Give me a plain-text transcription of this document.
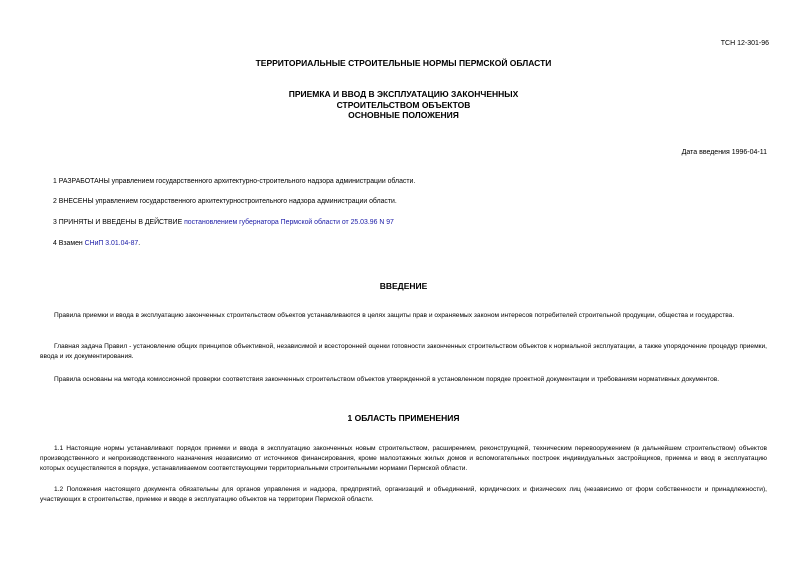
ТСН 12-301-96
ТЕРРИТОРИАЛЬНЫЕ СТРОИТЕЛЬНЫЕ НОРМЫ ПЕРМСКОЙ ОБЛАСТИ
ПРИЕМКА И ВВОД В ЭКСПЛУАТАЦИЮ ЗАКОНЧЕННЫХ
СТРОИТЕЛЬСТВОМ ОБЪЕКТОВ
ОСНОВНЫЕ ПОЛОЖЕНИЯ
Дата введения 1996-04-11
1 РАЗРАБОТАНЫ управлением государственного архитектурно-строительного надзора администрации области.
2 ВНЕСЕНЫ управлением государственного архитектурностроительного надзора администрации области.
3 ПРИНЯТЫ И ВВЕДЕНЫ В ДЕЙСТВИЕ постановлением губернатора Пермской области от 25.03.96 N 97
4 Взамен СНиП 3.01.04-87.
ВВЕДЕНИЕ
Правила приемки и ввода в эксплуатацию законченных строительством объектов устанавливаются в целях защиты прав и охраняемых законом интересов потребителей строительной продукции, общества и государства.
Главная задача Правил - установление общих принципов объективной, независимой и всесторонней оценки готовности законченных строительством объектов к нормальной эксплуатации, а также упорядочение процедур приемки, ввода и их документирования.
Правила основаны на метода комиссионной проверки соответствия законченных строительством объектов утвержденной в установленном порядке проектной документации и требованиям нормативных документов.
1 ОБЛАСТЬ ПРИМЕНЕНИЯ
1.1 Настоящие нормы устанавливают порядок приемки и ввода в эксплуатацию законченных новым строительством, расширением, реконструкцией, техническим перевооружением (в дальнейшем строительством) объектов производственного и непроизводственного назначения независимо от источников финансирования, кроме малоэтажных жилых домов и вспомогательных построек индивидуальных застройщиков, приемка и ввод в эксплуатацию которых осуществляется в порядке, устанавливаемом соответствующими территориальными строительными нормами Пермской области.
1.2 Положения настоящего документа обязательны для органов управления и надзора, предприятий, организаций и объединений, юридических и физических лиц (независимо от форм собственности и принадлежности), участвующих в строительстве, приемке и вводе в эксплуатацию объектов на территории Пермской области.
